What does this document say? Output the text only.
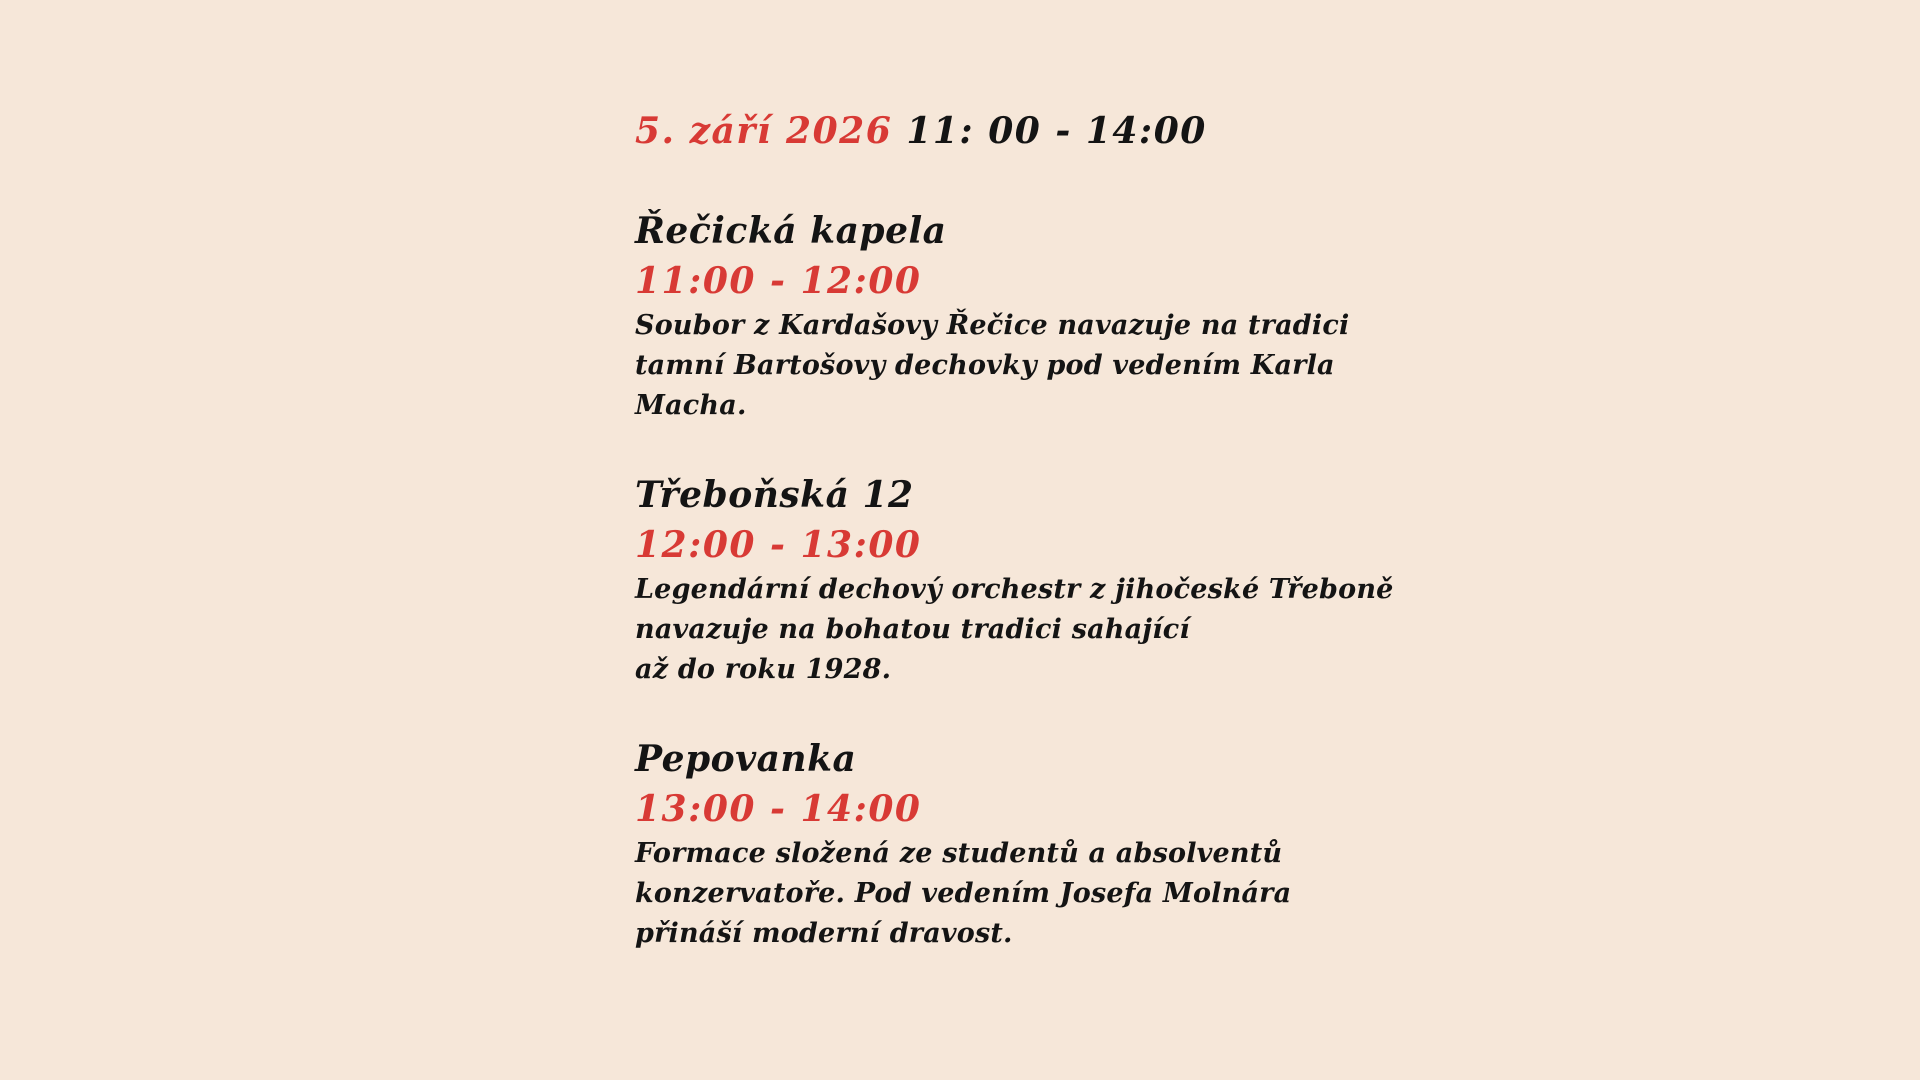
5. září 2026 11: 00 - 14:00
Řečická kapela
11:00 - 12:00
Soubor z Kardašovy Řečice navazuje na tradici
tamní Bartošovy dechovky pod vedením Karla
Macha.
Třeboňská 12
12:00 - 13:00
Legendární dechový orchestr z jihočeské Třeboně
navazuje na bohatou tradici sahající
až do roku 1928.
Pepovanka
13:00 - 14:00
Formace složená ze studentů a absolventů
konzervatoře. Pod vedením Josefa Molnára
přináší moderní dravost.
